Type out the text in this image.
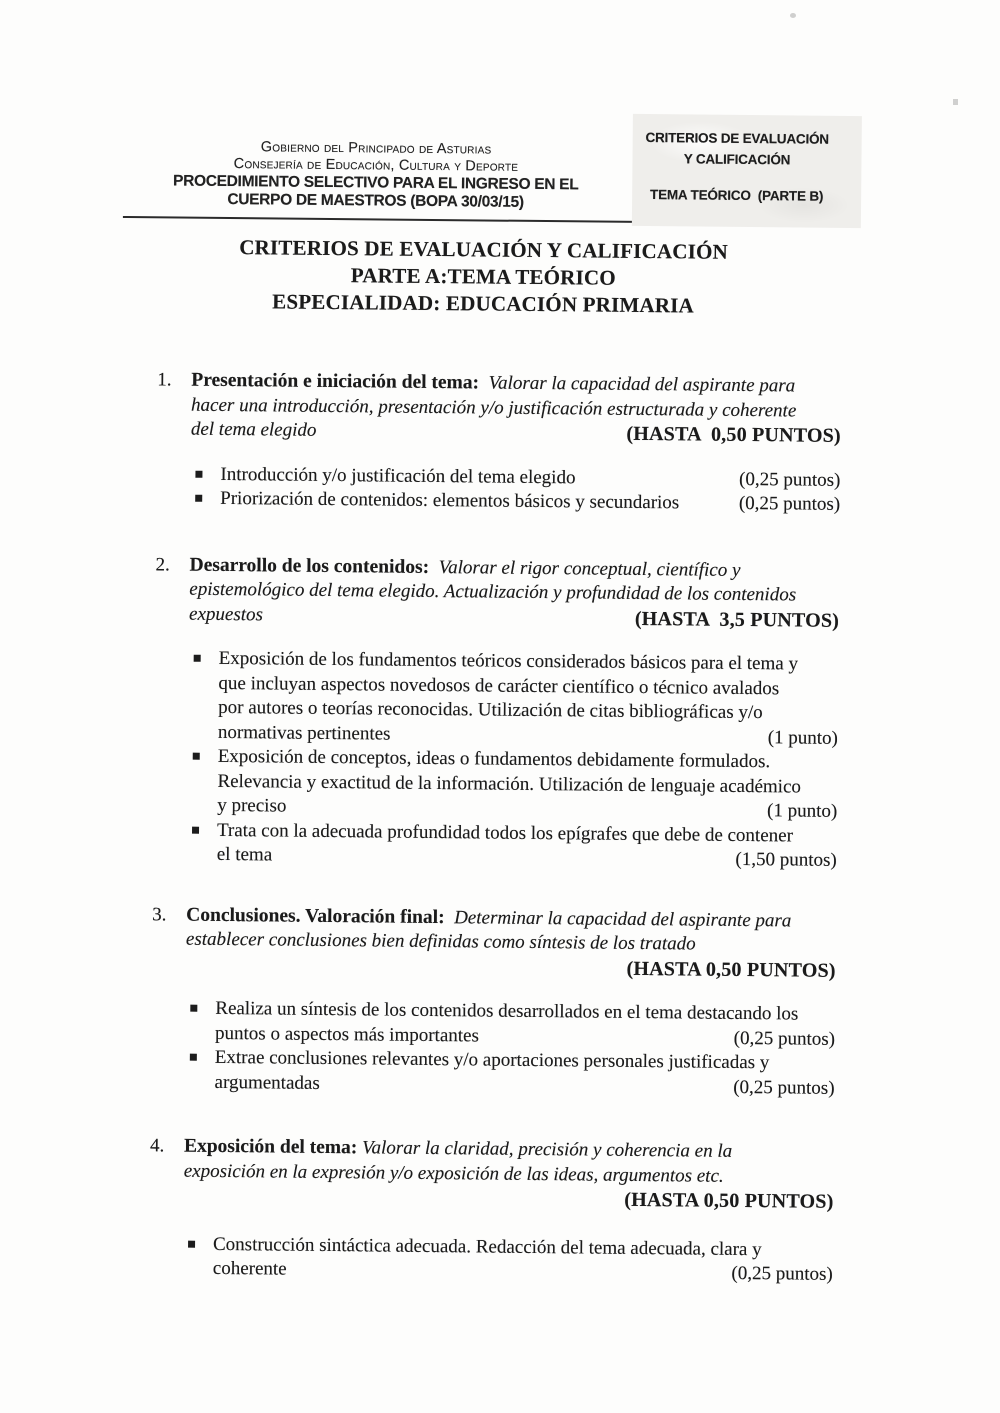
Gobierno del Principado de Asturias
Consejería de Educación, Cultura y Deporte
PROCEDIMIENTO SELECTIVO PARA EL INGRESO EN EL
CUERPO DE MAESTROS (BOPA 30/03/15)
CRITERIOS DE EVALUACIÓN
Y CALIFICACIÓN
TEMA TEÓRICO  (PARTE B)
CRITERIOS DE EVALUACIÓN Y CALIFICACIÓN
PARTE A:TEMA TEÓRICO
ESPECIALIDAD: EDUCACIÓN PRIMARIA
1. Presentación e iniciación del tema:  Valorar la capacidad del aspirante para
hacer una introducción, presentación y/o justificación estructurada y coherente
del tema elegido	(HASTA  0,50 PUNTOS)
Introducción y/o justificación del tema elegido	(0,25 puntos)
Priorización de contenidos: elementos básicos y secundarios	(0,25 puntos)
2. Desarrollo de los contenidos:  Valorar el rigor conceptual, científico y
epistemológico del tema elegido. Actualización y profundidad de los contenidos
expuestos	(HASTA  3,5 PUNTOS)
Exposición de los fundamentos teóricos considerados básicos para el tema y
que incluyan aspectos novedosos de carácter científico o técnico avalados
por autores o teorías reconocidas. Utilización de citas bibliográficas y/o
normativas pertinentes	(1 punto)
Exposición de conceptos, ideas o fundamentos debidamente formulados.
Relevancia y exactitud de la información. Utilización de lenguaje académico
y preciso	(1 punto)
Trata con la adecuada profundidad todos los epígrafes que debe de contener
el tema	(1,50 puntos)
3. Conclusiones. Valoración final:  Determinar la capacidad del aspirante para
establecer conclusiones bien definidas como síntesis de los tratado
(HASTA 0,50 PUNTOS)
Realiza un síntesis de los contenidos desarrollados en el tema destacando los
puntos o aspectos más importantes	(0,25 puntos)
Extrae conclusiones relevantes y/o aportaciones personales justificadas y
argumentadas	(0,25 puntos)
4. Exposición del tema: Valorar la claridad, precisión y coherencia en la
exposición en la expresión y/o exposición de las ideas, argumentos etc.
(HASTA 0,50 PUNTOS)
Construcción sintáctica adecuada. Redacción del tema adecuada, clara y
coherente	(0,25 puntos)
